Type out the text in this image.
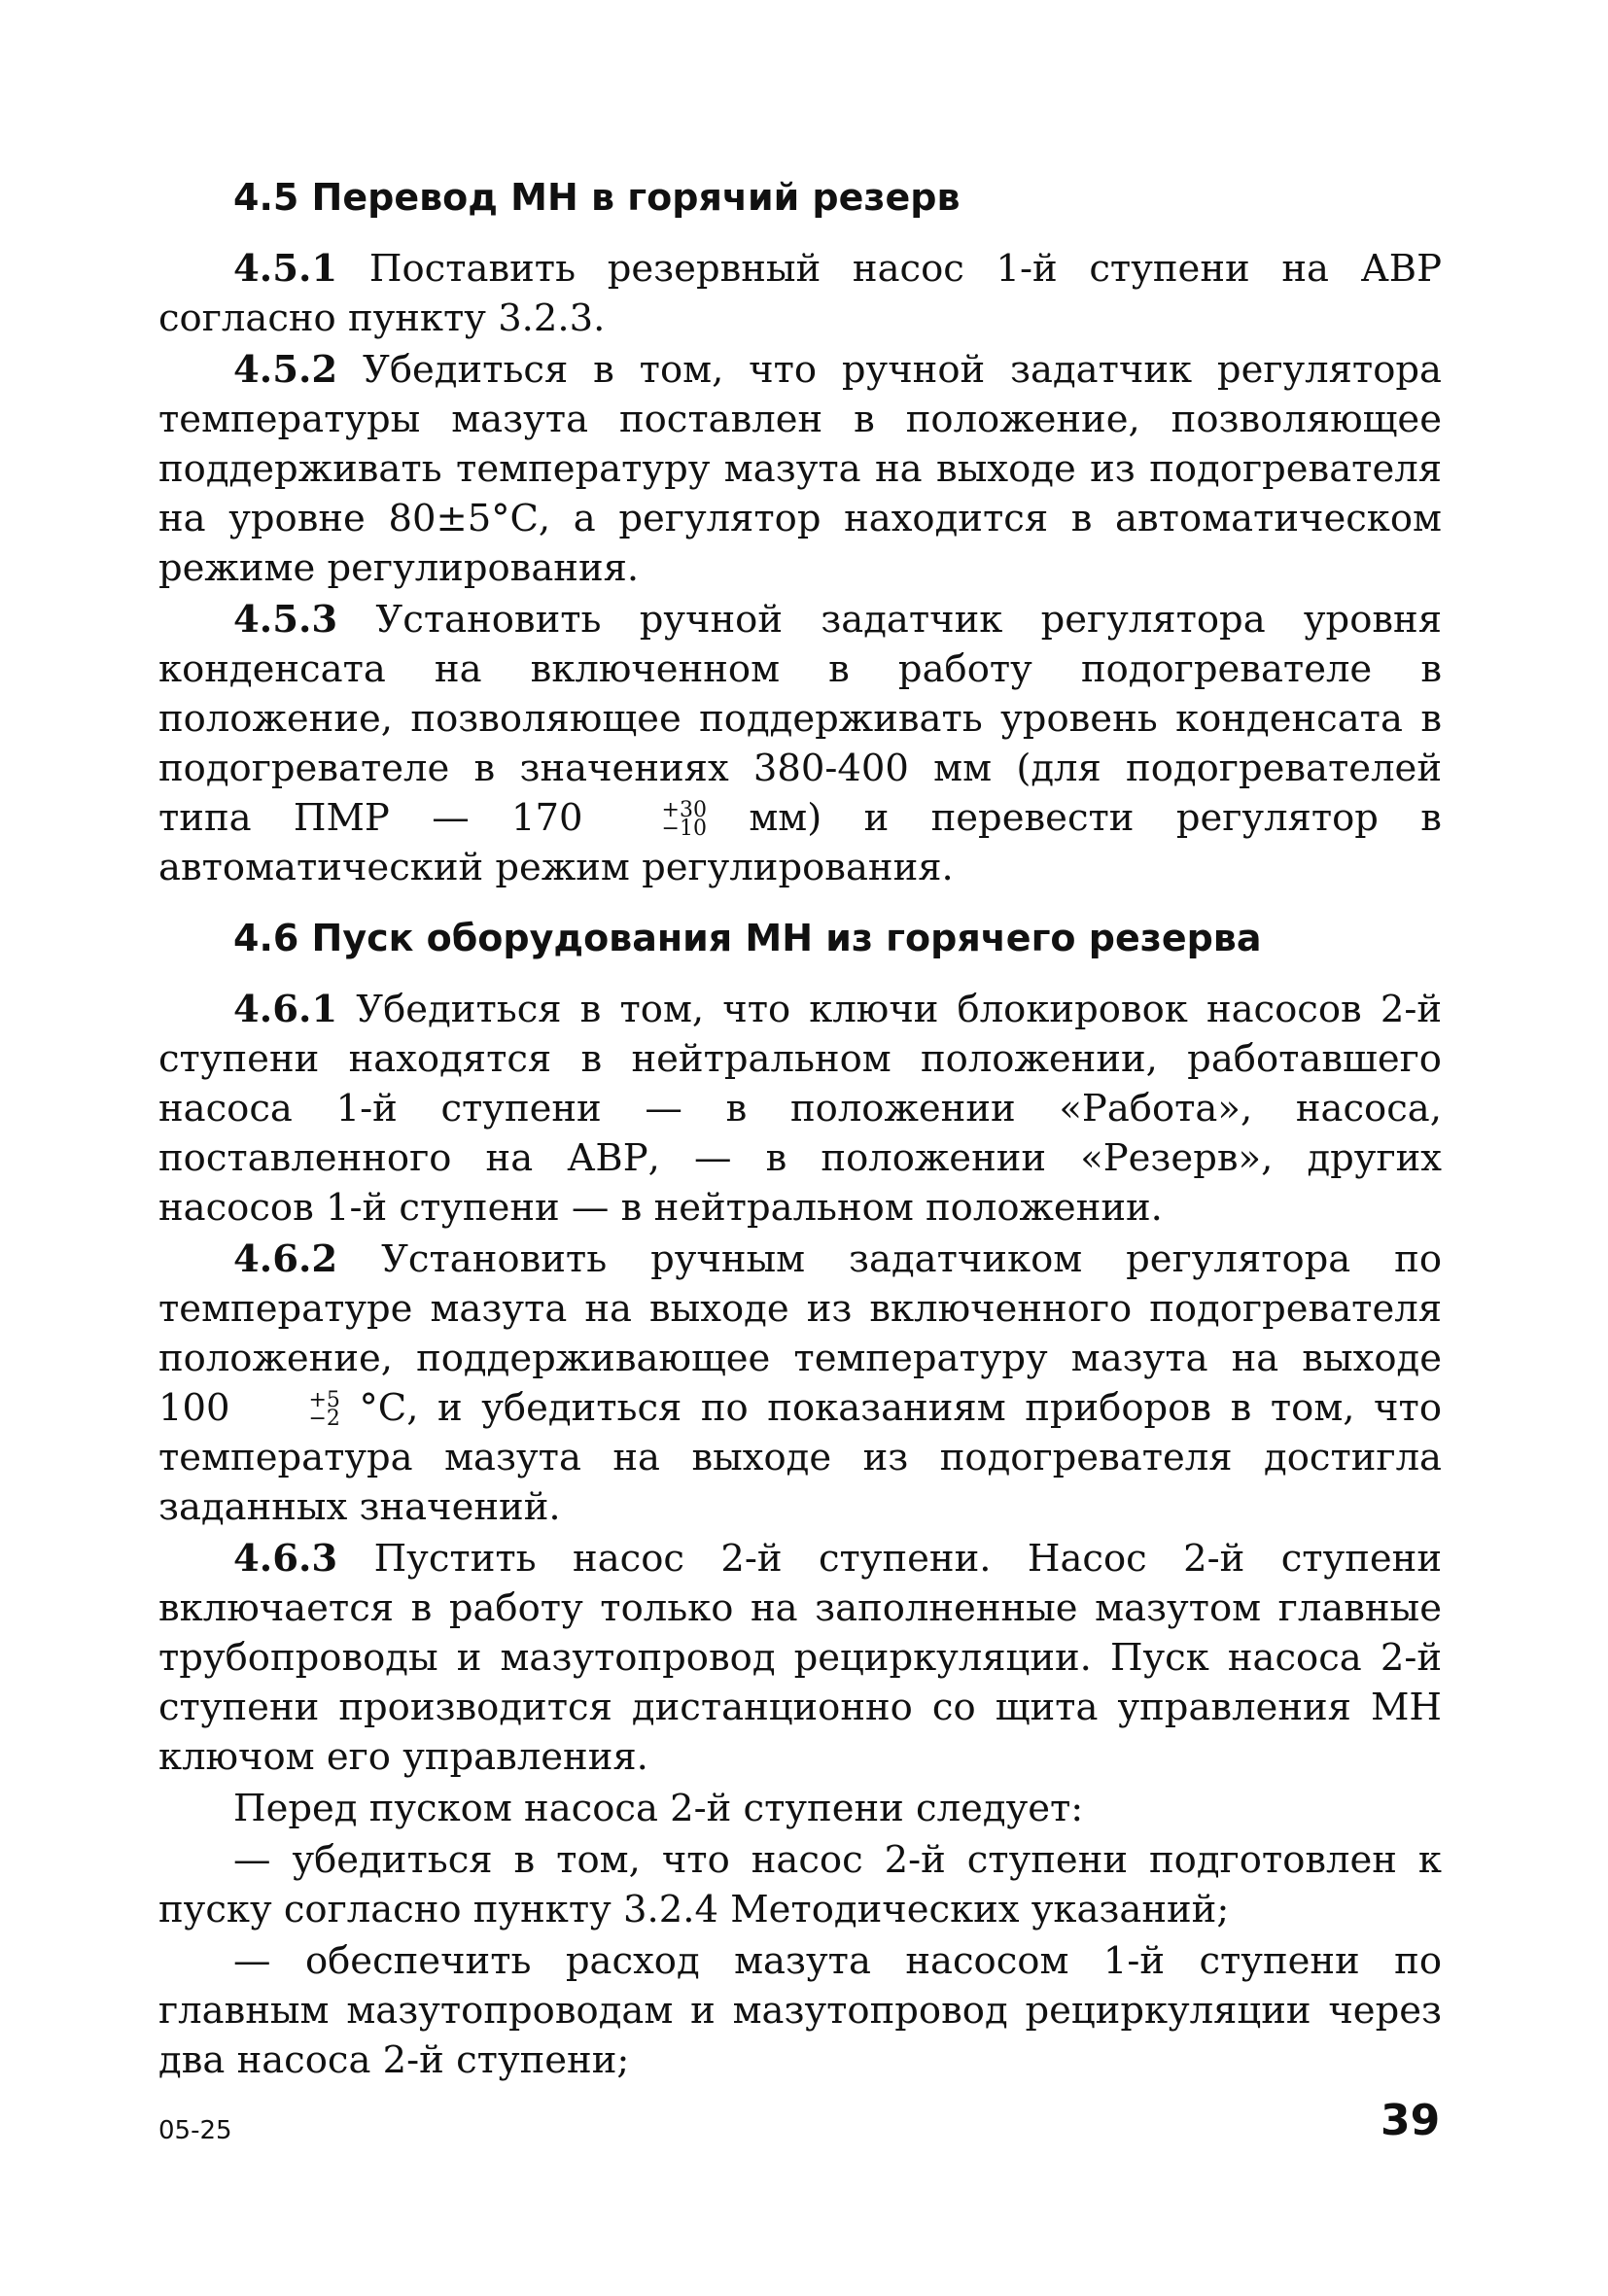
4.5 Перевод МН в горячий резерв

4.5.1 Поставить резервный насос 1-й ступени на АВР согласно пункту 3.2.3.

4.5.2 Убедиться в том, что ручной задатчик регулятора температуры мазута поставлен в положение, позволяющее поддерживать температуру мазута на выходе из подогревателя на уровне 80±5°С, а регулятор находится в автоматическом режиме регулирования.

4.5.3 Установить ручной задатчик регулятора уровня конденсата на включенном в работу подогревателе в положение, позволяющее поддерживать уровень конденсата в подогревателе в значениях 380-400 мм (для подогревателей типа ПМР — 170	+30
−10 мм) и перевести регулятор в автоматический режим регулирования.

4.6 Пуск оборудования МН из горячего резерва

4.6.1 Убедиться в том, что ключи блокировок насосов 2-й ступени находятся в нейтральном положении, работавшего насоса 1-й ступени — в положении «Работа», насоса, поставленного на АВР, — в положении «Резерв», других насосов 1-й ступени — в нейтральном положении.

4.6.2 Установить ручным задатчиком регулятора по температуре мазута на выходе из включенного подогревателя положение, поддерживающее температуру мазута на выходе 100	+5
−2 °С, и убедиться по показаниям приборов в том, что температура мазута на выходе из подогревателя достигла заданных значений.

4.6.3 Пустить насос 2-й ступени. Насос 2-й ступени включается в работу только на заполненные мазутом главные трубопроводы и мазутопровод рециркуляции. Пуск насоса 2-й ступени производится дистанционно со щита управления МН ключом его управления.

Перед пуском насоса 2-й ступени следует:

— убедиться в том, что насос 2-й ступени подготовлен к пуску согласно пункту 3.2.4 Методических указаний;

— обеспечить расход мазута насосом 1-й ступени по главным мазутопроводам и мазутопровод рециркуляции через два насоса 2-й ступени;

05-25	39
